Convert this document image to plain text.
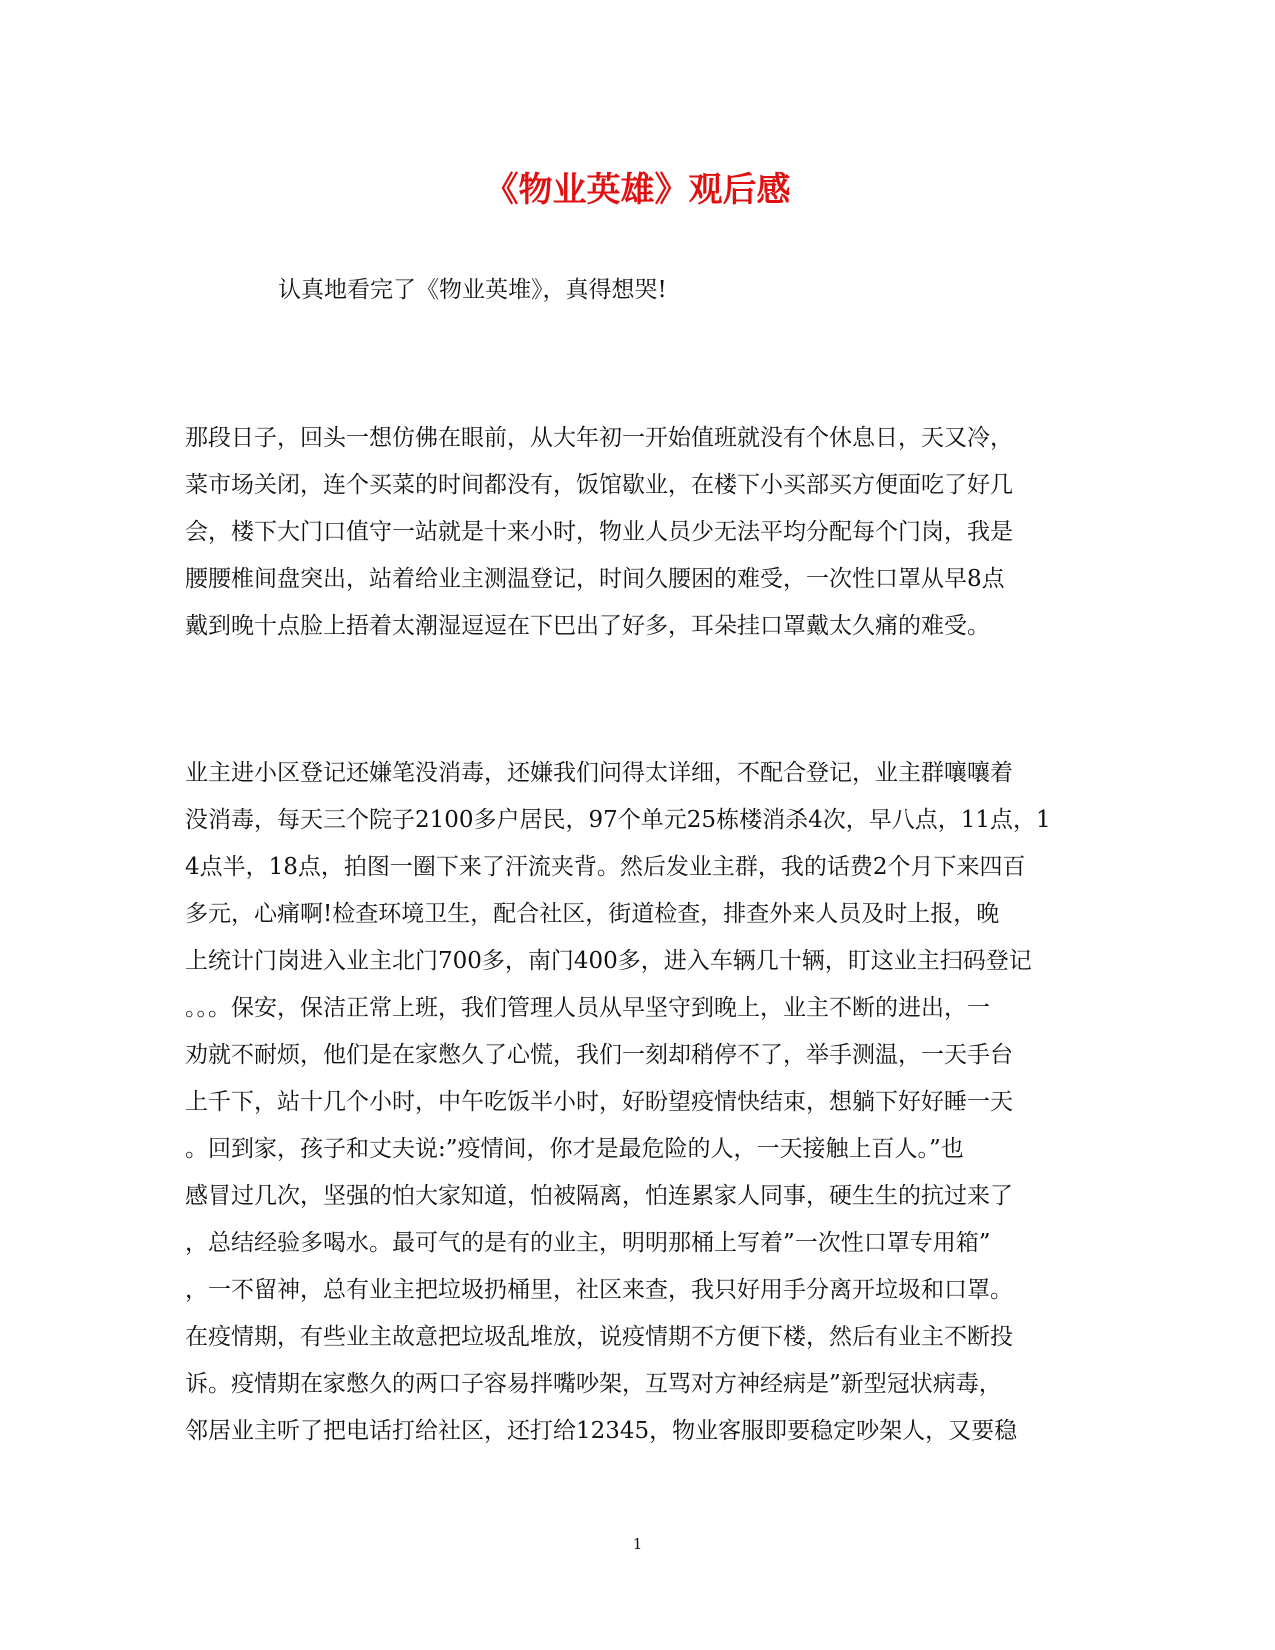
《物业英雄》观后感

认真地看完了《物业英堆》，真得想哭!

那段日子，回头一想仿佛在眼前，从大年初一开始值班就没有个休息日，天又冷，
菜市场关闭，连个买菜的时间都没有，饭馆歇业，在楼下小买部买方便面吃了好几
会，楼下大门口值守一站就是十来小时，物业人员少无法平均分配每个门岗，我是
腰腰椎间盘突出，站着给业主测温登记，时间久腰困的难受，一次性口罩从早8点
戴到晚十点脸上捂着太潮湿逗逗在下巴出了好多，耳朵挂口罩戴太久痛的难受。
业主进小区登记还嫌笔没消毒，还嫌我们问得太详细，不配合登记，业主群嚷嚷着
没消毒，每天三个院子2100多户居民，97个单元25栋楼消杀4次，早八点，11点，1
4点半，18点，拍图一圈下来了汗流夹背。然后发业主群，我的话费2个月下来四百
多元，心痛啊!检查环境卫生，配合社区，街道检查，排查外来人员及时上报，晚
上统计门岗进入业主北门700多，南门400多，进入车辆几十辆，盯这业主扫码登记
。。。保安，保洁正常上班，我们管理人员从早坚守到晚上，业主不断的进出，一
劝就不耐烦，他们是在家憋久了心慌，我们一刻却稍停不了，举手测温，一天手台
上千下，站十几个小时，中午吃饭半小时，好盼望疫情快结束，想躺下好好睡一天
。回到家，孩子和丈夫说:”疫情间，你才是最危险的人，一天接触上百人。”也
感冒过几次，坚强的怕大家知道，怕被隔离，怕连累家人同事，硬生生的抗过来了
，总结经验多喝水。最可气的是有的业主，明明那桶上写着”一次性口罩专用箱”
，一不留神，总有业主把垃圾扔桶里，社区来查，我只好用手分离开垃圾和口罩。
在疫情期，有些业主故意把垃圾乱堆放，说疫情期不方便下楼，然后有业主不断投
诉。疫情期在家憋久的两口子容易拌嘴吵架，互骂对方神经病是”新型冠状病毒，
邻居业主听了把电话打给社区，还打给12345，物业客服即要稳定吵架人，又要稳

1
